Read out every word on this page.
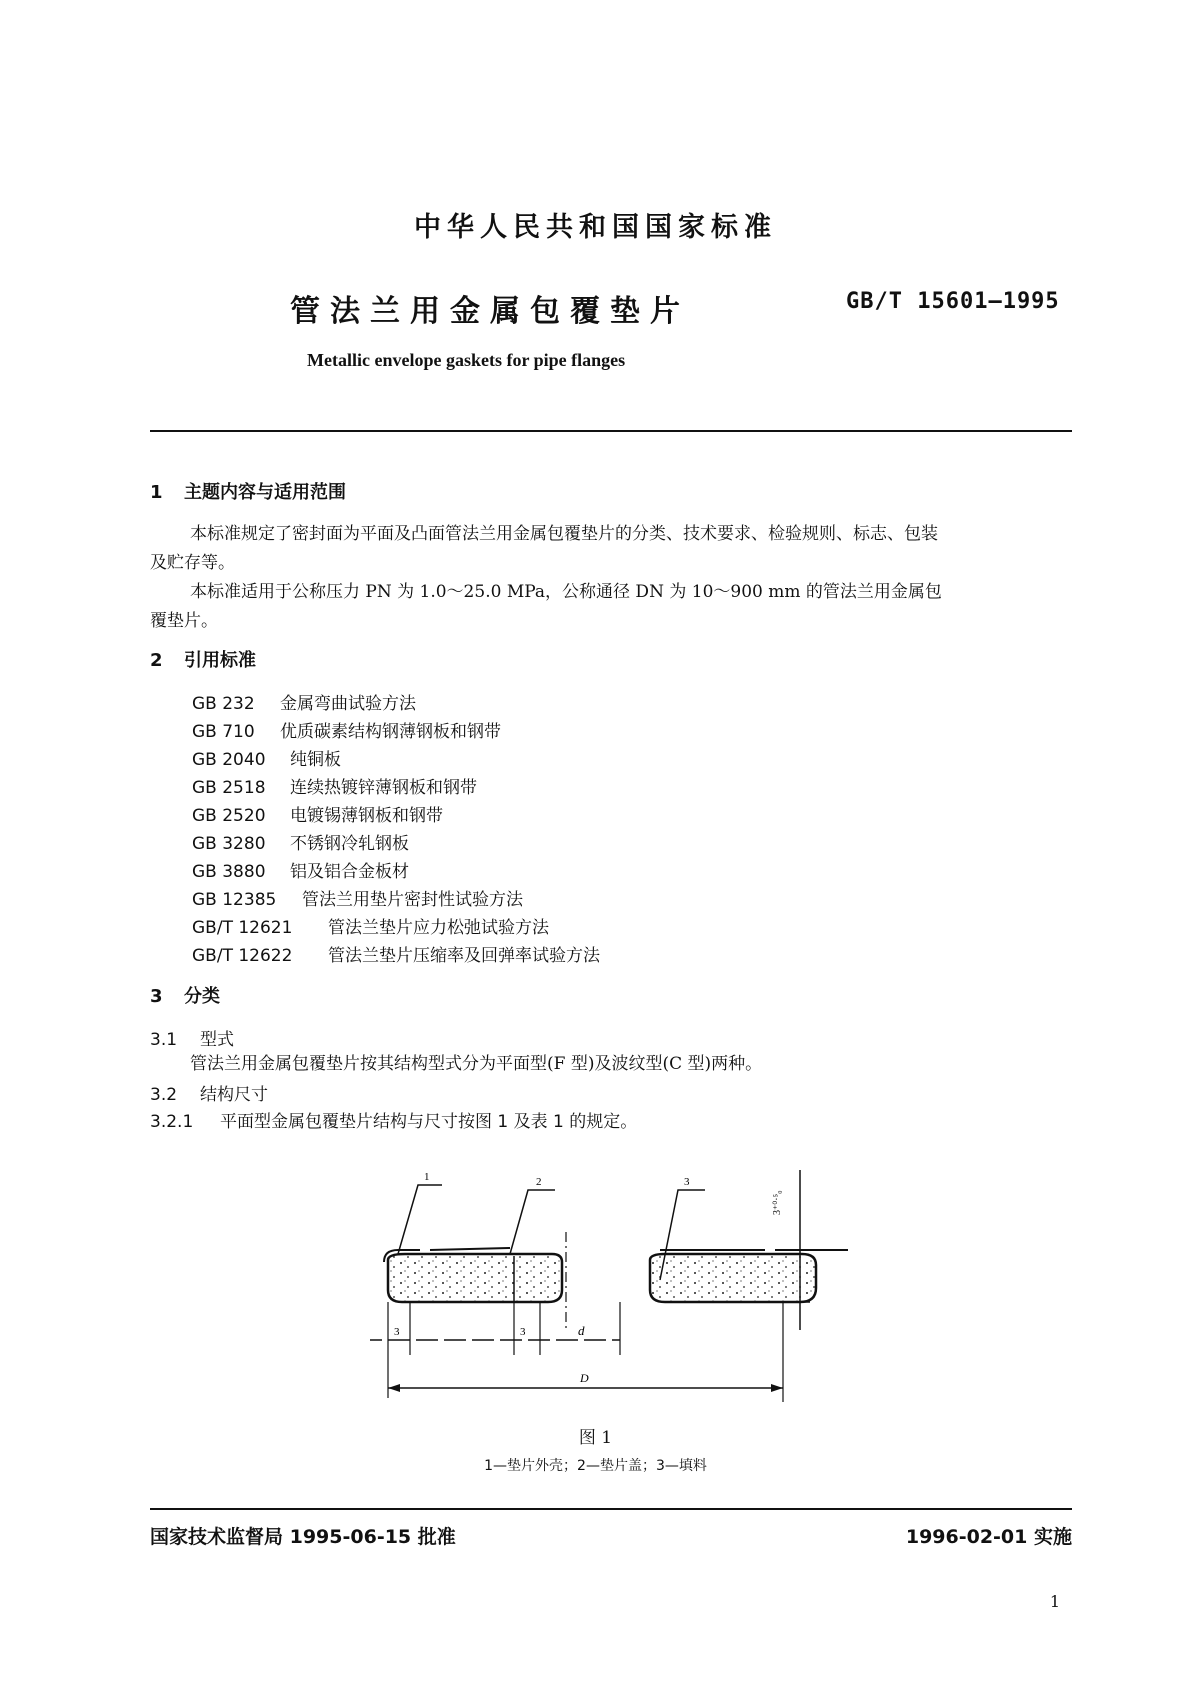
中华人民共和国国家标准
管法兰用金属包覆垫片	GB/T 15601—1995
Metallic envelope gaskets for pipe flanges
1 主题内容与适用范围
本标准规定了密封面为平面及凸面管法兰用金属包覆垫片的分类、技术要求、检验规则、标志、包装
及贮存等。
本标准适用于公称压力 PN 为 1.0～25.0 MPa，公称通径 DN 为 10～900 mm 的管法兰用金属包
覆垫片。
2 引用标准
GB 232 金属弯曲试验方法
GB 710 优质碳素结构钢薄钢板和钢带
GB 2040 纯铜板
GB 2518 连续热镀锌薄钢板和钢带
GB 2520 电镀锡薄钢板和钢带
GB 3280 不锈钢冷轧钢板
GB 3880 铝及铝合金板材
GB 12385 管法兰用垫片密封性试验方法
GB/T 12621 管法兰垫片应力松弛试验方法
GB/T 12622 管法兰垫片压缩率及回弹率试验方法
3 分类
3.1 型式
管法兰用金属包覆垫片按其结构型式分为平面型(F 型)及波纹型(C 型)两种。
3.2 结构尺寸
3.2.1 平面型金属包覆垫片结构与尺寸按图 1 及表 1 的规定。
1	2	3
3⁺⁰·⁵₀
3	3	d
D
图 1
1—垫片外壳；2—垫片盖；3—填料
国家技术监督局 1995-06-15 批准	1996-02-01 实施
1
